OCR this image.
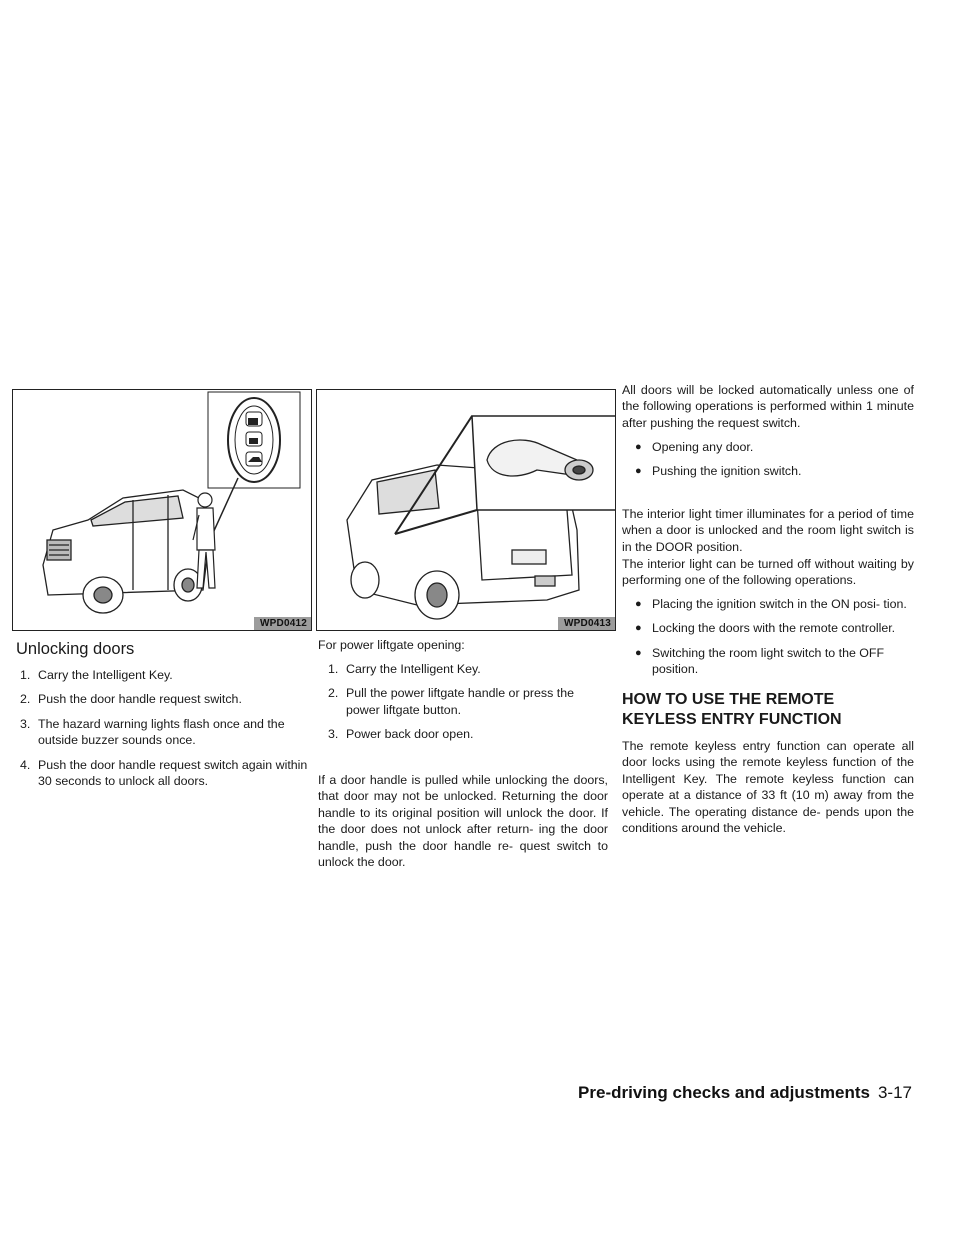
WPD0412	WPD0413
Unlocking doors
1. Carry the Intelligent Key.
2. Push the door handle request switch.
3. The hazard warning lights flash once and the outside buzzer sounds once.
4. Push the door handle request switch again within 30 seconds to unlock all doors.

For power liftgate opening:

1. Carry the Intelligent Key.
2. Pull the power liftgate handle or press the power liftgate button.
3. Power back door open.

If a door handle is pulled while unlocking the doors, that door may not be unlocked. Returning the door handle to its original position will unlock the door. If the door does not unlock after return- ing the door handle, push the door handle re- quest switch to unlock the door.

All doors will be locked automatically unless one of the following operations is performed within 1 minute after pushing the request switch.

● Opening any door.
● Pushing the ignition switch.

The interior light timer illuminates for a period of time when a door is unlocked and the room light switch is in the DOOR position.

The interior light can be turned off without waiting by performing one of the following operations.

● Placing the ignition switch in the ON posi- tion.
● Locking the doors with the remote controller.
● Switching the room light switch to the OFF position.
HOW TO USE THE REMOTE
KEYLESS ENTRY FUNCTION

The remote keyless entry function can operate all door locks using the remote keyless function of the Intelligent Key. The remote keyless function can operate at a distance of 33 ft (10 m) away from the vehicle. The operating distance de- pends upon the conditions around the vehicle.

Pre-driving checks and adjustments 3-17
